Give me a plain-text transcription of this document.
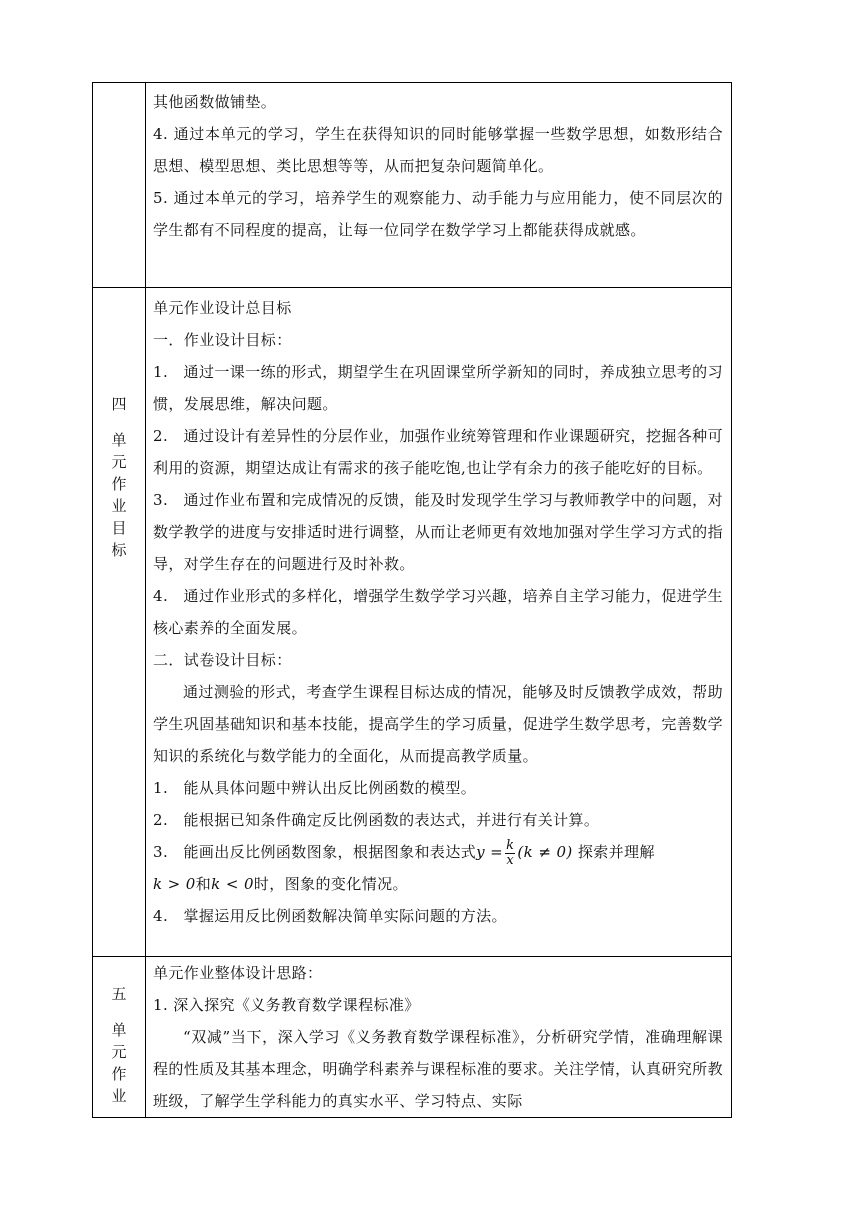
其他函数做铺垫。

4. 通过本单元的学习，学生在获得知识的同时能够掌握一些数学思想，如数形结合思想、模型思想、类比思想等等，从而把复杂问题简单化。

5. 通过本单元的学习，培养学生的观察能力、动手能力与应用能力，使不同层次的学生都有不同程度的提高，让每一位同学在数学学习上都能获得成就感。

四
单
元
作
业
目
标

单元作业设计总目标

一．作业设计目标：

1.　通过一课一练的形式，期望学生在巩固课堂所学新知的同时，养成独立思考的习惯，发展思维，解决问题。

2.　通过设计有差异性的分层作业，加强作业统筹管理和作业课题研究，挖掘各种可利用的资源，期望达成让有需求的孩子能吃饱,也让学有余力的孩子能吃好的目标。

3.　通过作业布置和完成情况的反馈，能及时发现学生学习与教师教学中的问题，对数学教学的进度与安排适时进行调整，从而让老师更有效地加强对学生学习方式的指导，对学生存在的问题进行及时补救。

4.　通过作业形式的多样化，增强学生数学学习兴趣，培养自主学习能力，促进学生核心素养的全面发展。

二．试卷设计目标：

通过测验的形式，考查学生课程目标达成的情况，能够及时反馈教学成效，帮助学生巩固基础知识和基本技能，提高学生的学习质量，促进学生数学思考，完善数学知识的系统化与数学能力的全面化，从而提高教学质量。

1.　能从具体问题中辨认出反比例函数的模型。

2.　能根据已知条件确定反比例函数的表达式，并进行有关计算。

3.　能画出反比例函数图象，根据图象和表达式$y = \frac{k}{x} (k \ne 0)$ 探索并理解
k > 0和k < 0时，图象的变化情况。

4.　掌握运用反比例函数解决简单实际问题的方法。

五
单
元
作
业

单元作业整体设计思路：

1. 深入探究《义务教育数学课程标准》

“双减”当下，深入学习《义务教育数学课程标准》，分析研究学情，准确理解课程的性质及其基本理念，明确学科素养与课程标准的要求。关注学情，认真研究所教班级，了解学生学科能力的真实水平、学习特点、实际
